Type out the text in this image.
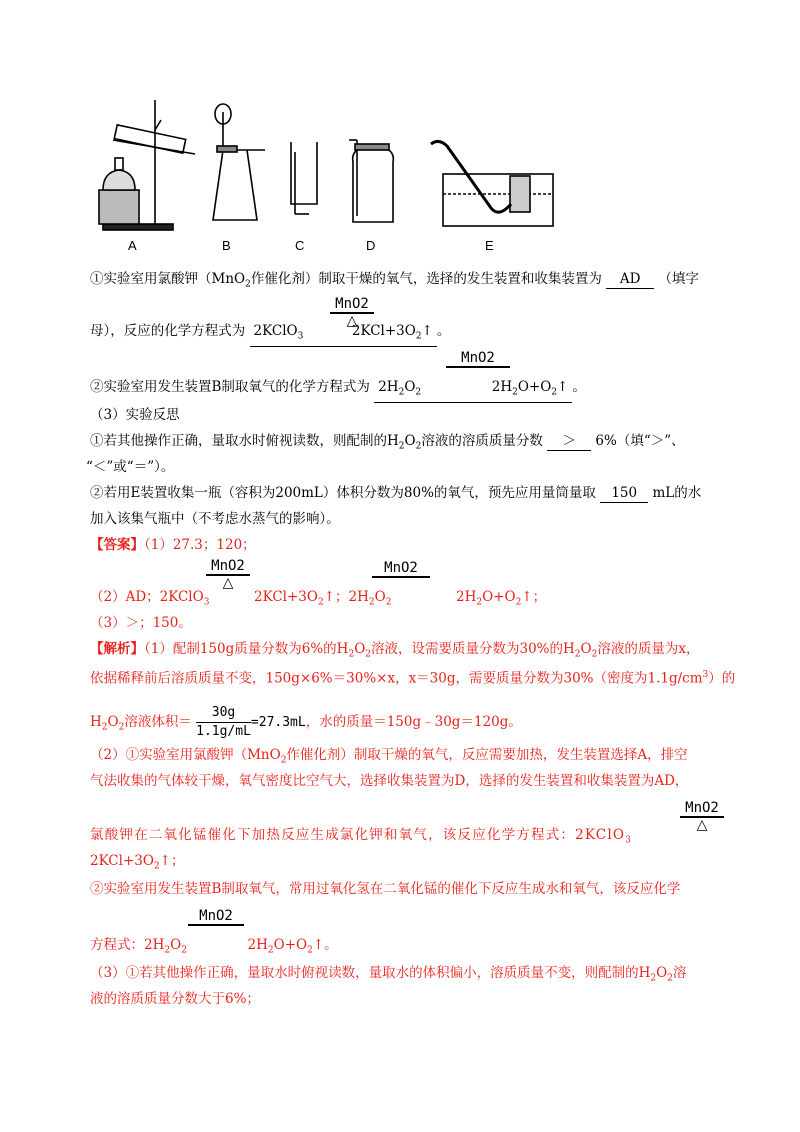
A	B	C	D	E
①实验室用氯酸钾（MnO$_2$作催化剂）制取干燥的氧气，选择的发生装置和收集装置为 AD （填字
MnO2
△
母），反应的化学方程式为 2KClO$_3$	$2KCl+3O_2↑$ 。
MnO2
②实验室用发生装置B制取氧气的化学方程式为 $2H_2O_2$	$2H_2O+O_2↑$ 。
（3）实验反思
①若其他操作正确，量取水时俯视读数，则配制的$H_2O_2$溶液的溶质质量分数 ＞ 6%（填“＞”、
“＜”或“＝”）。
②若用E装置收集一瓶（容积为200mL）体积分数为80%的氧气，预先应用量筒量取 150 mL的水
加入该集气瓶中（不考虑水蒸气的影响）。
【答案】（1）27.3；120；
MnO2
△
MnO2
（2）AD；2KClO$_3$	$2KCl+3O_2↑$；$2H_2O_2$	$2H_2O+O_2↑$；
（3）＞；150。
【解析】（1）配制150g质量分数为6%的$H_2O_2$溶液，设需要质量分数为30%的$H_2O_2$溶液的质量为x，
依据稀释前后溶质质量不变，150g×6%＝30%×x，x＝30g，需要质量分数为30%（密度为$1.1g/cm^3$）的
$H_2O_2$溶液体积＝ $\frac{30g}{1.1g/mL} =27.3mL$，水的质量＝150g﹣30g＝120g。
（2）①实验室用氯酸钾（MnO$_2$作催化剂）制取干燥的氧气，反应需要加热，发生装置选择A，排空
气法收集的气体较干燥，氧气密度比空气大，选择收集装置为D，选择的发生装置和收集装置为AD，
MnO2
△
氯酸钾在二氧化锰催化下加热反应生成氯化钾和氧气，该反应化学方程式：2KClO$_3$
$2KCl+3O_2↑$；
②实验室用发生装置B制取氧气，常用过氧化氢在二氧化锰的催化下反应生成水和氧气，该反应化学
MnO2
方程式：$2H_2O_2$	$2H_2O+O_2↑$。
（3）①若其他操作正确，量取水时俯视读数，量取水的体积偏小，溶质质量不变，则配制的$H_2O_2$溶
液的溶质质量分数大于6%；
